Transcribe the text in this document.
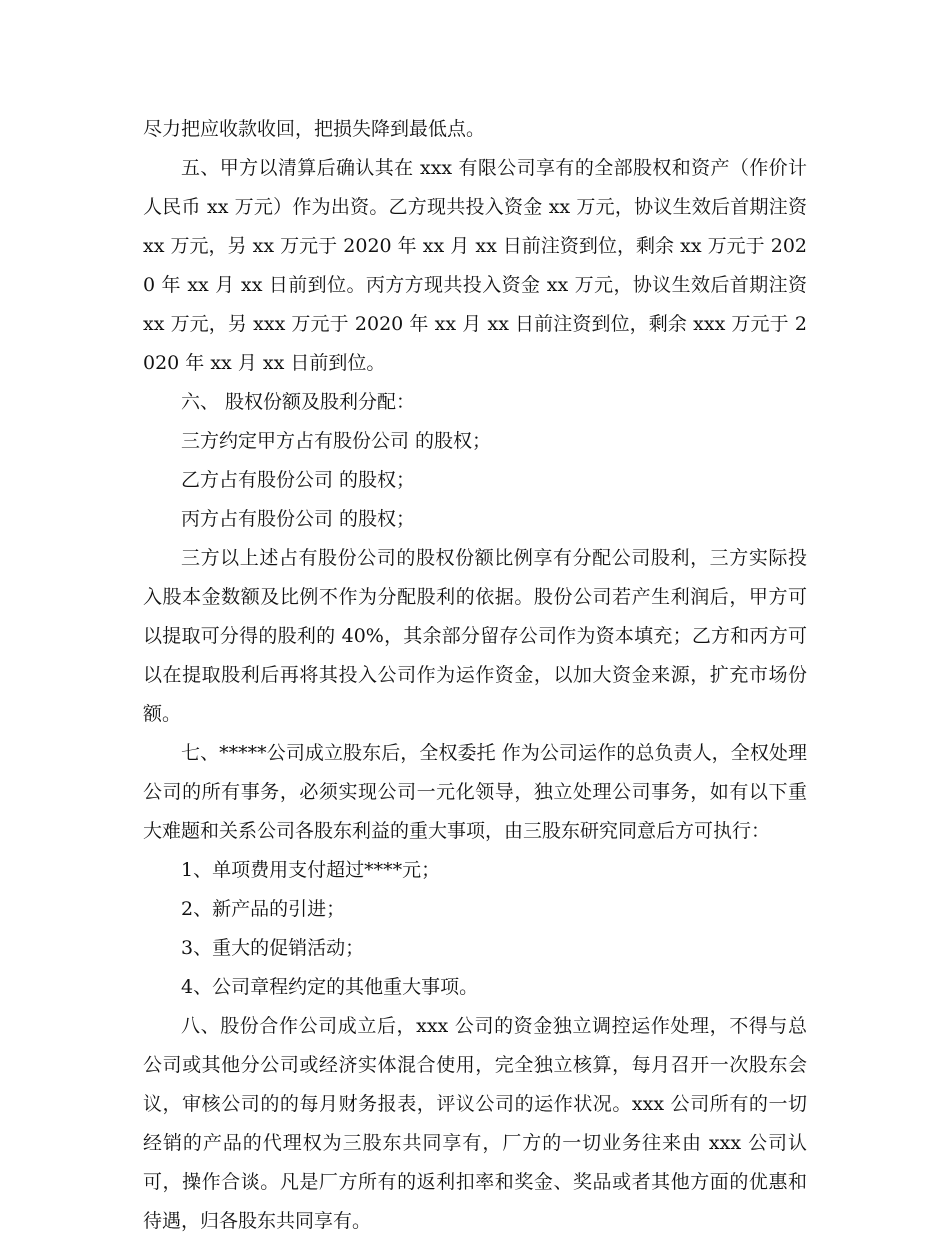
尽力把应收款收回，把损失降到最低点。

五、甲方以清算后确认其在 xxx 有限公司享有的全部股权和资产（作价计人民币 xx 万元）作为出资。乙方现共投入资金 xx 万元，协议生效后首期注资 xx 万元，另 xx 万元于 2020 年 xx 月 xx 日前注资到位，剩余 xx 万元于 2020 年 xx 月 xx 日前到位。丙方方现共投入资金 xx 万元，协议生效后首期注资 xx 万元，另 xxx 万元于 2020 年 xx 月 xx 日前注资到位，剩余 xxx 万元于 2020 年 xx 月 xx 日前到位。

六、 股权份额及股利分配：

三方约定甲方占有股份公司 的股权；

乙方占有股份公司 的股权；

丙方占有股份公司 的股权；

三方以上述占有股份公司的股权份额比例享有分配公司股利，三方实际投入股本金数额及比例不作为分配股利的依据。股份公司若产生利润后，甲方可以提取可分得的股利的 40%，其余部分留存公司作为资本填充；乙方和丙方可以在提取股利后再将其投入公司作为运作资金，以加大资金来源，扩充市场份额。

七、*****公司成立股东后，全权委托 作为公司运作的总负责人，全权处理公司的所有事务，必须实现公司一元化领导，独立处理公司事务，如有以下重大难题和关系公司各股东利益的重大事项，由三股东研究同意后方可执行：

1、单项费用支付超过****元；

2、新产品的引进；

3、重大的促销活动；

4、公司章程约定的其他重大事项。

八、股份合作公司成立后，xxx 公司的资金独立调控运作处理，不得与总公司或其他分公司或经济实体混合使用，完全独立核算，每月召开一次股东会议，审核公司的的每月财务报表，评议公司的运作状况。xxx 公司所有的一切经销的产品的代理权为三股东共同享有，厂方的一切业务往来由 xxx 公司认可，操作合谈。凡是厂方所有的返利扣率和奖金、奖品或者其他方面的优惠和待遇，归各股东共同享有。
